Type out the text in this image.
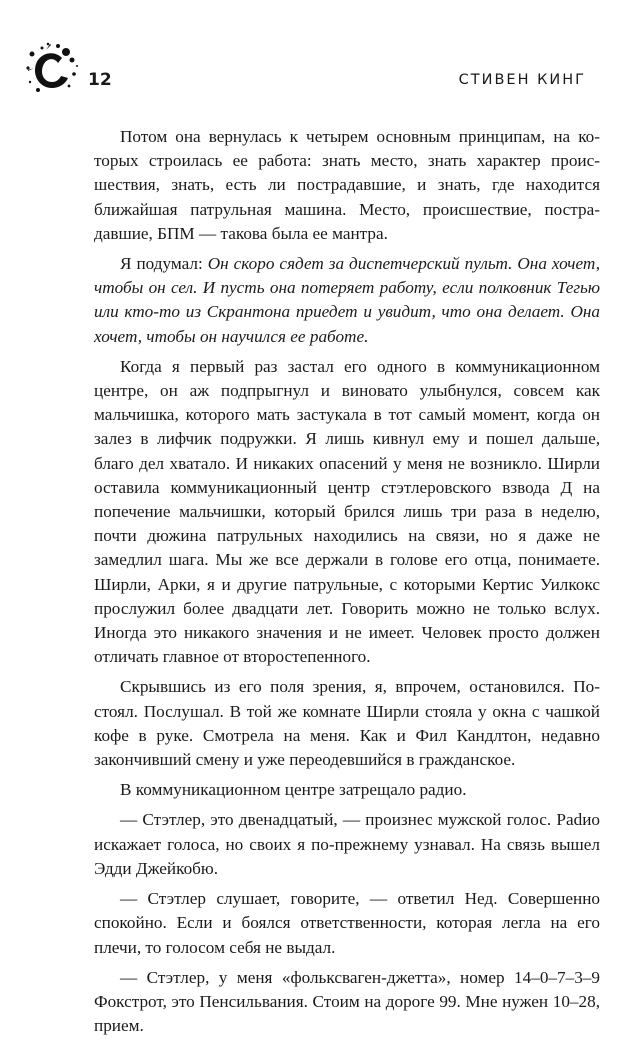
12	СТИВЕН КИНГ

Потом она вернулась к четырем основным принципам, на которых строилась ее работа: знать место, знать характер происшествия, знать, есть ли пострадавшие, и знать, где находится ближайшая патрульная машина. Место, происшествие, пострадавшие, БПМ — такова была ее мантра.

Я подумал: Он скоро сядет за диспетчерский пульт. Она хочет, чтобы он сел. И пусть она потеряет работу, если полковник Тегью или кто-то из Скрантона приедет и увидит, что она делает. Она хочет, чтобы он научился ее работе.

Когда я первый раз застал его одного в коммуникационном центре, он аж подпрыгнул и виновато улыбнулся, совсем как мальчишка, которого мать застукала в тот самый момент, когда он залез в лифчик подружки. Я лишь кивнул ему и пошел дальше, благо дел хватало. И никаких опасений у меня не возникло. Ширли оставила коммуникационный центр стэтлеровского взвода Д на попечение мальчишки, который брился лишь три раза в неделю, почти дюжина патрульных находились на связи, но я даже не замедлил шага. Мы же все держали в голове его отца, понимаете. Ширли, Арки, я и другие патрульные, с которыми Кертис Уилкокс прослужил более двадцати лет. Говорить можно не только вслух. Иногда это никакого значения и не имеет. Человек просто должен отличать главное от второстепенного.

Скрывшись из его поля зрения, я, впрочем, остановился. Постоял. Послушал. В той же комнате Ширли стояла у окна с чашкой кофе в руке. Смотрела на меня. Как и Фил Кандлтон, недавно закончивший смену и уже переодевшийся в гражданское.

В коммуникационном центре затрещало радио.

— Стэтлер, это двенадцатый, — произнес мужской голос. Раdио искажает голоса, но своих я по-прежнему узнавал. На связь вышел Эдди Джейкобю.

— Стэтлер слушает, говорите, — ответил Нед. Совершенно спокойно. Если и боялся ответственности, которая легла на его плечи, то голосом себя не выдал.

— Стэтлер, у меня «фольксваген-джетта», номер 14–0–7–3–9 Фокстрот, это Пенсильвания. Стоим на дороге 99. Мне нужен 10–28, прием.
